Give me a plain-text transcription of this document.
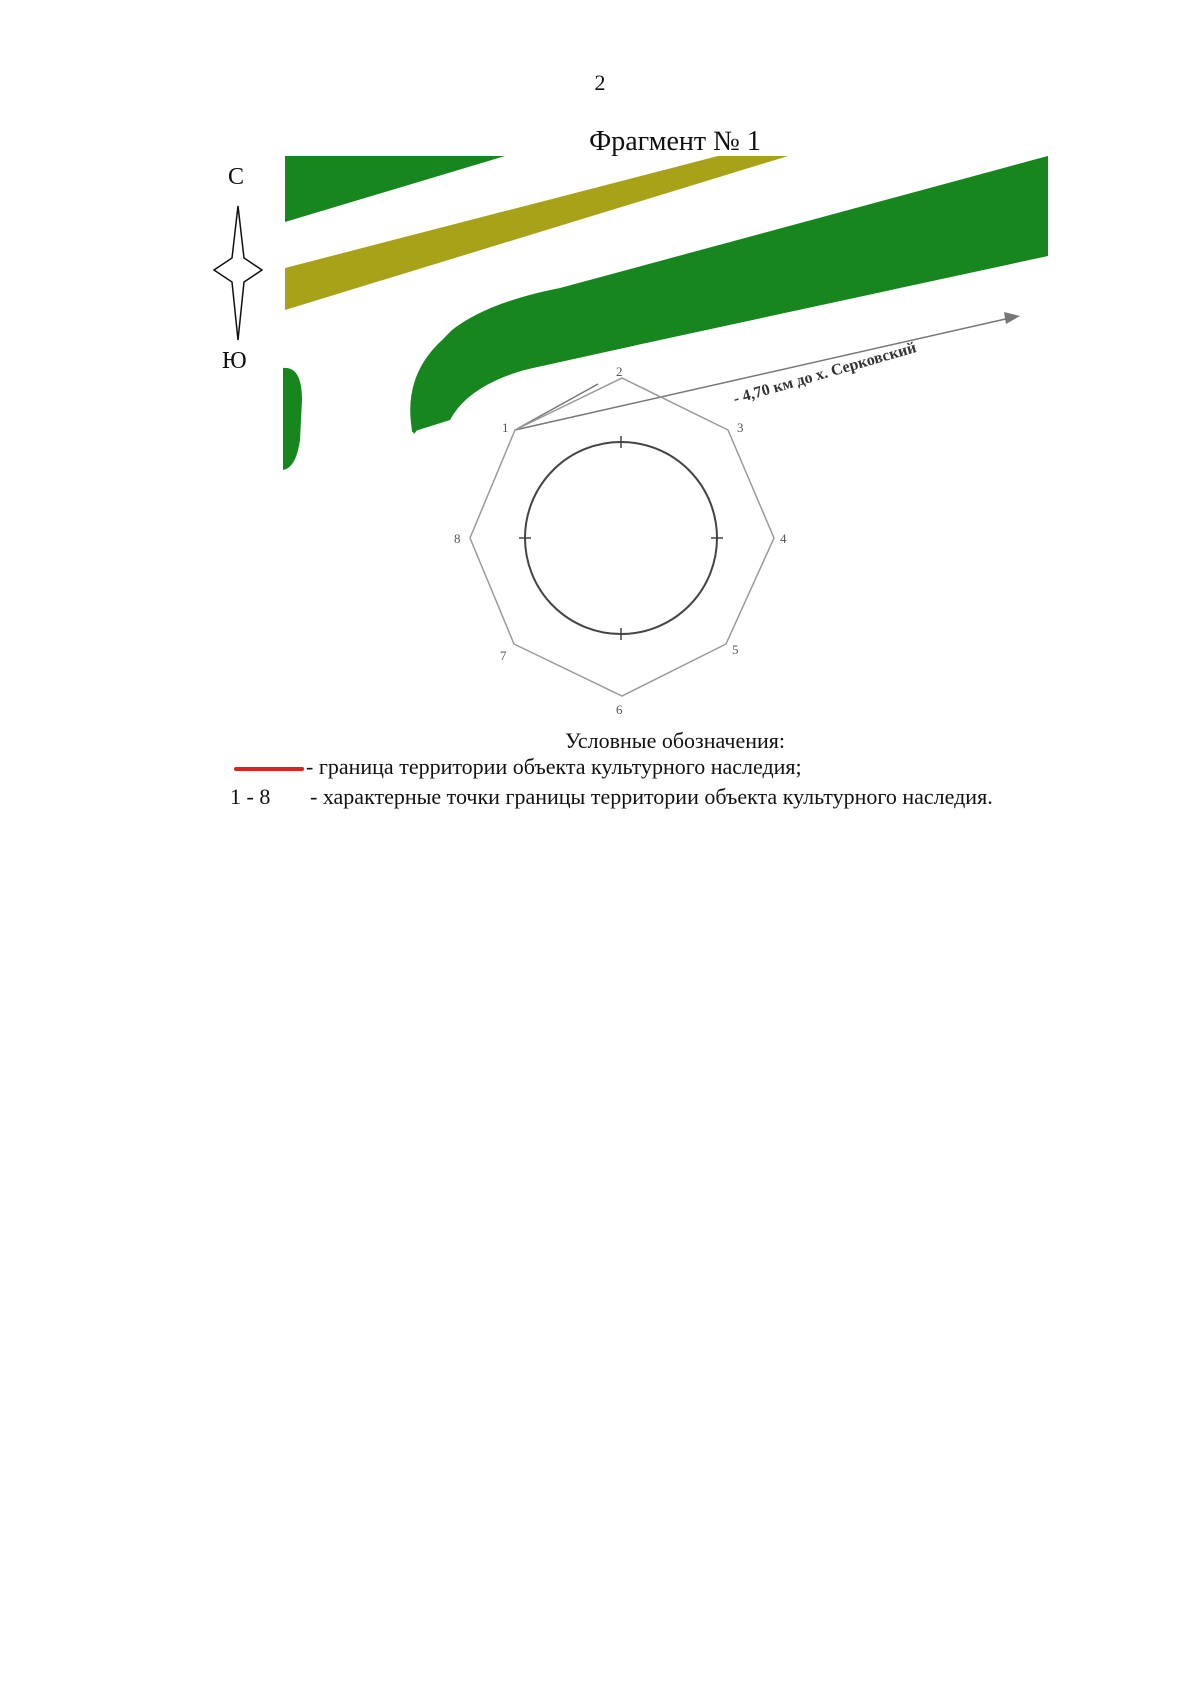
2
Фрагмент № 1
- 4,70 км до х. Серковский
1
2
3
4
5
6
7
8
С
Ю
Условные обозначения:
- граница территории объекта культурного наследия;
1 - 8 - характерные точки границы территории объекта культурного наследия.
